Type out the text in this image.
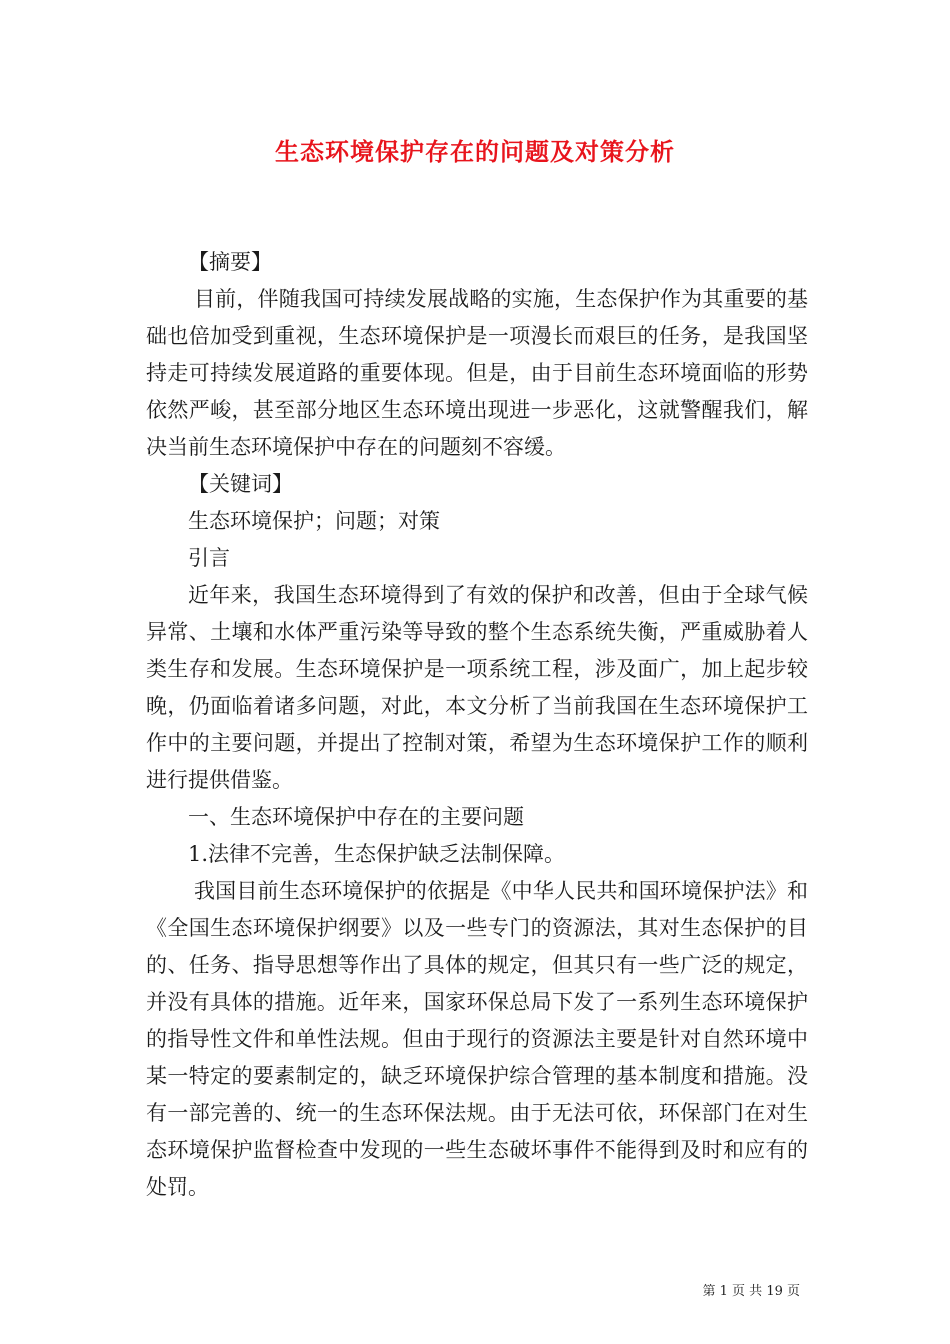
生态环境保护存在的问题及对策分析

【摘要】

目前，伴随我国可持续发展战略的实施，生态保护作为其重要的基础也倍加受到重视，生态环境保护是一项漫长而艰巨的任务，是我国坚持走可持续发展道路的重要体现。但是，由于目前生态环境面临的形势依然严峻，甚至部分地区生态环境出现进一步恶化，这就警醒我们，解决当前生态环境保护中存在的问题刻不容缓。

【关键词】

生态环境保护；问题；对策

引言

近年来，我国生态环境得到了有效的保护和改善，但由于全球气候异常、土壤和水体严重污染等导致的整个生态系统失衡，严重威胁着人类生存和发展。生态环境保护是一项系统工程，涉及面广，加上起步较晚，仍面临着诸多问题，对此，本文分析了当前我国在生态环境保护工作中的主要问题，并提出了控制对策，希望为生态环境保护工作的顺利进行提供借鉴。

一、生态环境保护中存在的主要问题

1.法律不完善，生态保护缺乏法制保障。

我国目前生态环境保护的依据是《中华人民共和国环境保护法》和《全国生态环境保护纲要》以及一些专门的资源法，其对生态保护的目的、任务、指导思想等作出了具体的规定，但其只有一些广泛的规定，并没有具体的措施。近年来，国家环保总局下发了一系列生态环境保护的指导性文件和单性法规。但由于现行的资源法主要是针对自然环境中某一特定的要素制定的，缺乏环境保护综合管理的基本制度和措施。没有一部完善的、统一的生态环保法规。由于无法可依，环保部门在对生态环境保护监督检查中发现的一些生态破坏事件不能得到及时和应有的处罚。

第 1 页 共 19 页
